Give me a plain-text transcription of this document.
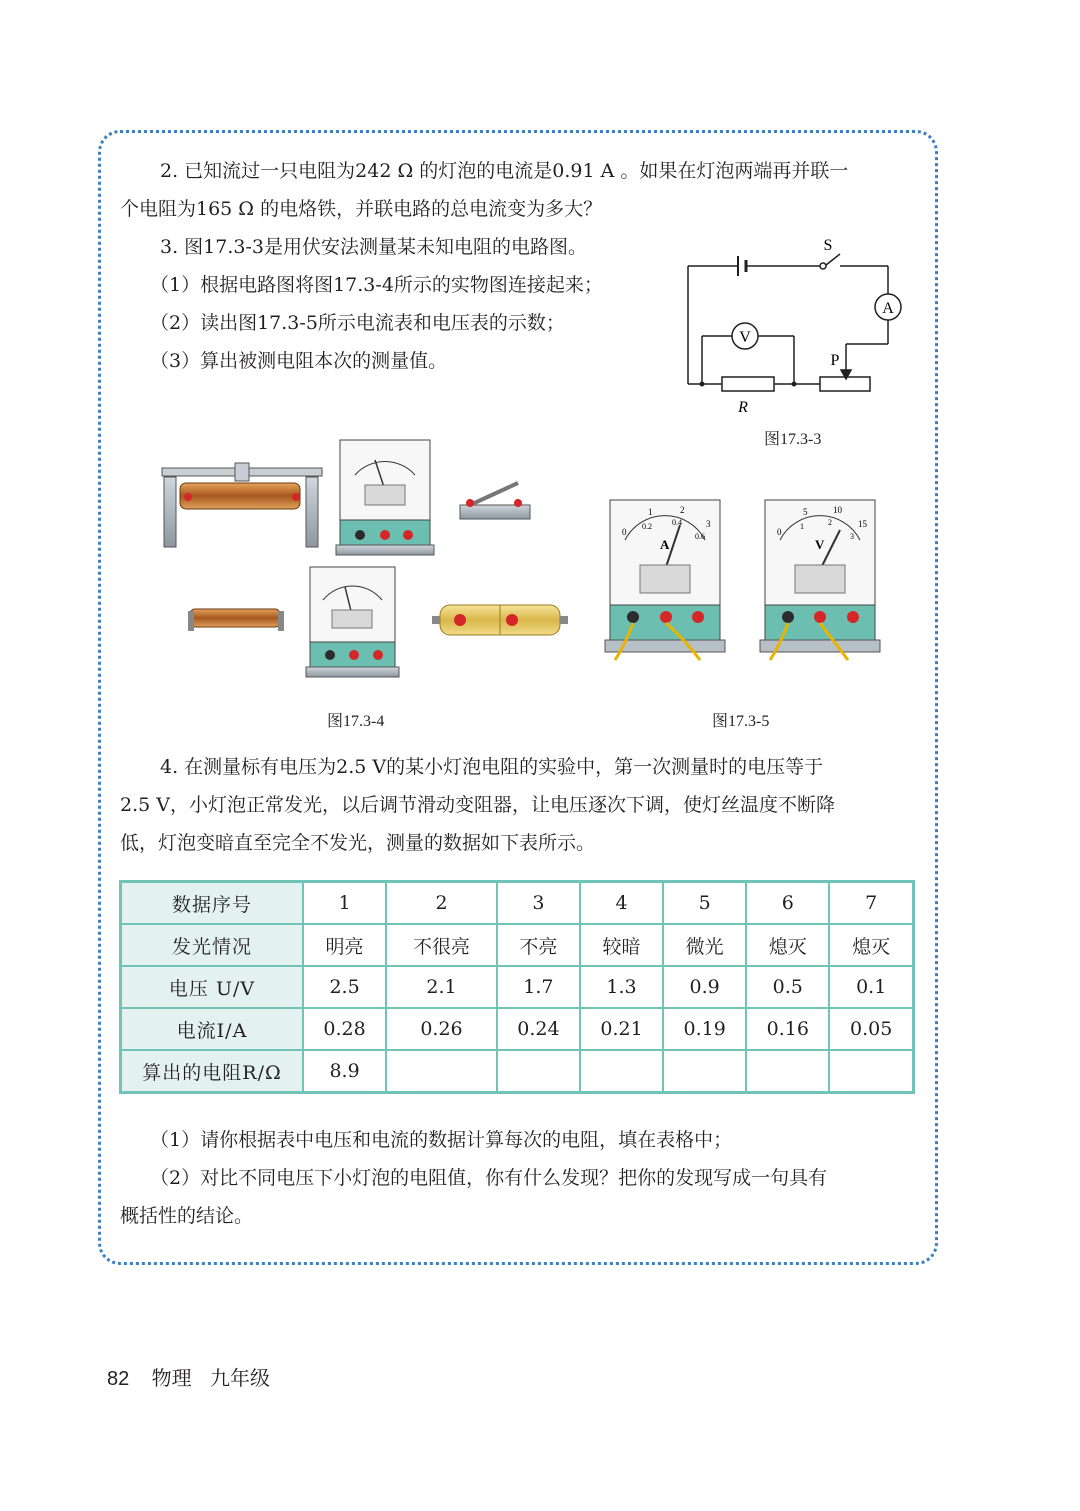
2. 已知流过一只电阻为242 Ω 的灯泡的电流是0.91 A 。如果在灯泡两端再并联一
个电阻为165 Ω 的电烙铁，并联电路的总电流变为多大？
3. 图17.3-3是用伏安法测量某未知电阻的电路图。
（1）根据电路图将图17.3-4所示的实物图连接起来；
（2）读出图17.3-5所示电流表和电压表的示数；
（3）算出被测电阻本次的测量值。
S
A
V
P
R
图17.3-3
0
1	2
3
0.2	0.4
0.6
A
0
5	10
15
1	2
3
V
图17.3-4	图17.3-5
4. 在测量标有电压为2.5 V的某小灯泡电阻的实验中，第一次测量时的电压等于
2.5 V，小灯泡正常发光，以后调节滑动变阻器，让电压逐次下调，使灯丝温度不断降
低，灯泡变暗直至完全不发光，测量的数据如下表所示。
数据序号	1	2	3	4	5	6	7
发光情况	明亮	不很亮	不亮	较暗	微光	熄灭	熄灭
电压 U/V	2.5	2.1	1.7	1.3	0.9	0.5	0.1
电流I/A	0.28	0.26	0.24	0.21	0.19	0.16	0.05
算出的电阻R/Ω	8.9						
（1）请你根据表中电压和电流的数据计算每次的电阻，填在表格中；
（2）对比不同电压下小灯泡的电阻值，你有什么发现？把你的发现写成一句具有
概括性的结论。
82 物理 九年级
